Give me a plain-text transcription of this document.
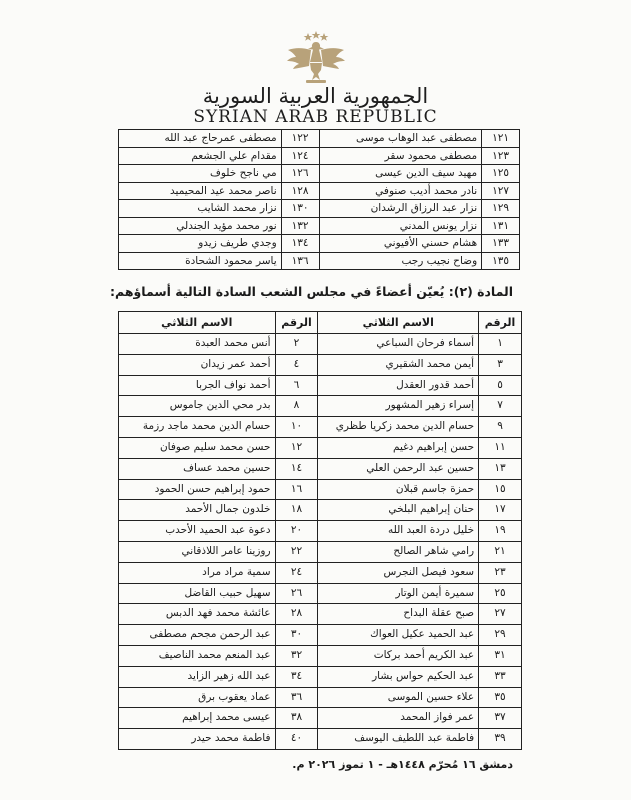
الجمهورية العربية السورية
SYRIAN ARAB REPUBLIC
١٢١	مصطفى عبد الوهاب موسى	١٢٢	مصطفى عمرحاج عبد الله
١٢٣	مصطفى محمود سقر	١٢٤	مقدام علي الجشعم
١٢٥	مهيد سيف الدين عيسى	١٢٦	مي ناجح خلوف
١٢٧	نادر محمد أديب صنوفي	١٢٨	ناصر محمد عيد المحيميد
١٢٩	نزار عبد الرزاق الرشدان	١٣٠	نزار محمد الشايب
١٣١	نزار يونس المدني	١٣٢	نور محمد مؤيد الجندلي
١٣٣	هشام حسني الأفيوني	١٣٤	وجدي طريف زيدو
١٣٥	وضاح نجيب رجب	١٣٦	ياسر محمود الشحادة
المادة (٢): يُعيّن أعضاءً في مجلس الشعب السادة التالية أسماؤهم:
الرقم	الاسم الثلاثي	الرقم	الاسم الثلاثي
١	أسماء فرحان السباعي	٢	أنس محمد العبدة
٣	أيمن محمد الشقيري	٤	أحمد عمر زيدان
٥	أحمد قدور العقدل	٦	أحمد نواف الجربا
٧	إسراء زهير المشهور	٨	بدر محي الدين جاموس
٩	حسام الدين محمد زكريا طظري	١٠	حسام الدين محمد ماجد رزمة
١١	حسن إبراهيم دغيم	١٢	حسن محمد سليم صوفان
١٣	حسين عبد الرحمن العلي	١٤	حسين محمد عساف
١٥	حمزة جاسم قبلان	١٦	حمود إبراهيم حسن الحمود
١٧	حنان إبراهيم البلخي	١٨	خلدون جمال الأحمد
١٩	خليل دردة العبد الله	٢٠	دعوة عبد الحميد الأحدب
٢١	رامي شاهر الصالح	٢٢	روزينا عامر اللاذقاني
٢٣	سعود فيصل النجرس	٢٤	سمية مراد مراد
٢٥	سميرة أيمن الوتار	٢٦	سهيل حبيب القاضل
٢٧	صبح عقلة البداح	٢٨	عائشة محمد فهد الدبس
٢٩	عبد الحميد عكيل العواك	٣٠	عبد الرحمن مجحم مصطفى
٣١	عبد الكريم أحمد بركات	٣٢	عبد المنعم محمد الناصيف
٣٣	عبد الحكيم حواس بشار	٣٤	عبد الله زهير الزايد
٣٥	علاء حسين الموسى	٣٦	عماد يعقوب برق
٣٧	عمر فواز المحمد	٣٨	عيسى محمد إبراهيم
٣٩	فاطمة عبد اللطيف اليوسف	٤٠	فاطمة محمد حيدر
دمشق ١٦ مُحرّم ١٤٤٨هـ - ١ تموز ٢٠٢٦ م.
